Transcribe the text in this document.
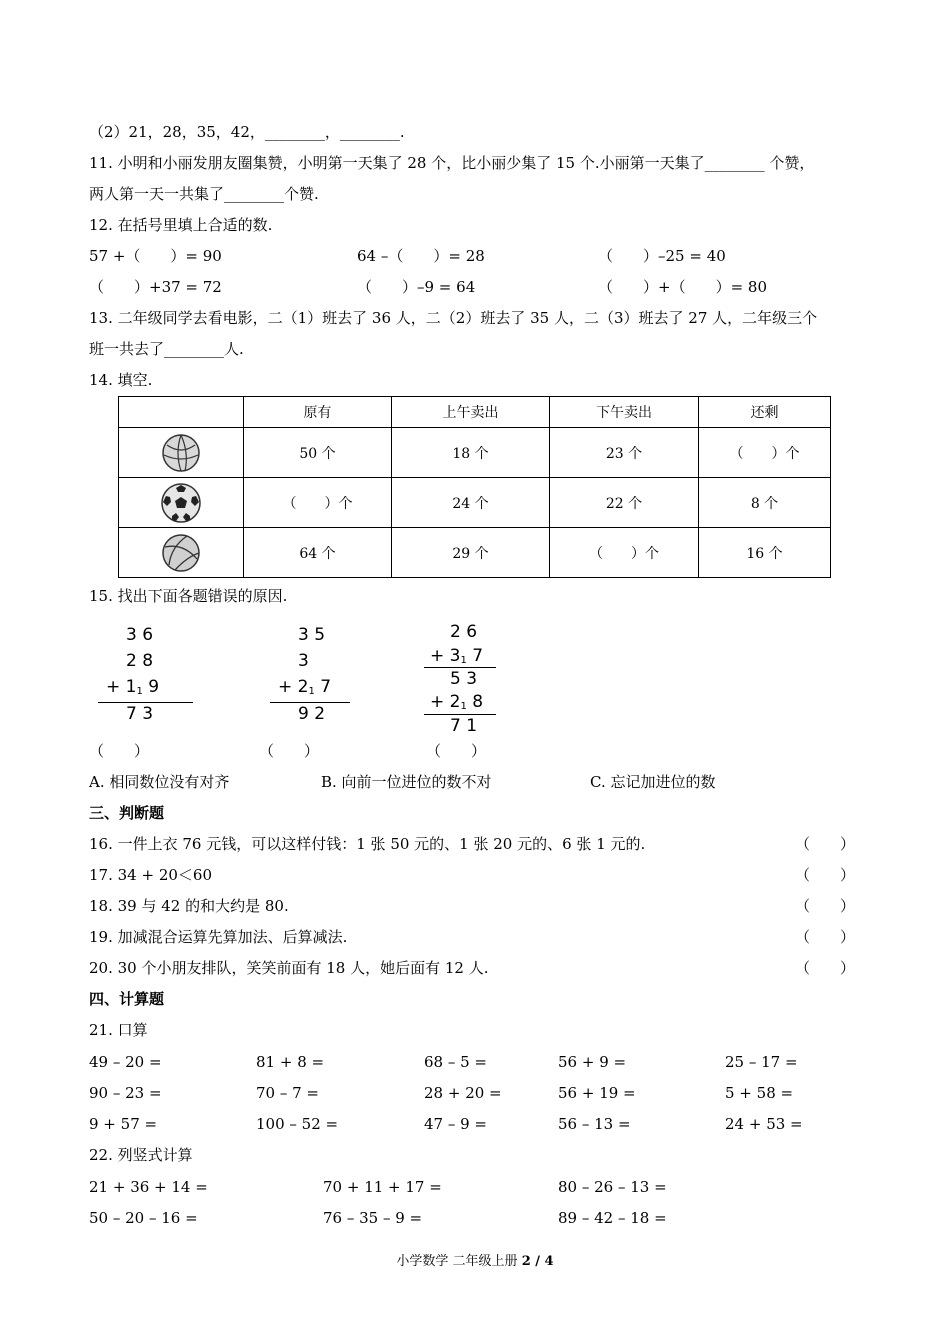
（2）21，28，35，42，________，________.
11. 小明和小丽发朋友圈集赞，小明第一天集了 28 个，比小丽少集了 15 个.小丽第一天集了________ 个赞，
两人第一天一共集了________个赞.
12. 在括号里填上合适的数.
57 +（　　）= 90	64 –（　　）= 28	（　　）–25 = 40
（　　）+37 = 72	（　　）–9 = 64	（　　）+（　　）= 80
13. 二年级同学去看电影，二（1）班去了 36 人，二（2）班去了 35 人，二（3）班去了 27 人，二年级三个
班一共去了________人.
14. 填空.
	原有	上午卖出	下午卖出	还剩
	50 个	18 个	23 个	（　　）个
	（　　）个	24 个	22 个	8 个
	64 个	29 个	（　　）个	16 个
15. 找出下面各题错误的原因.
3 6
2 8
+ $1_1$ 9
7 3
3 5
3
+ $2_1$ 7
9 2
2 6
+ $3_1$ 7
5 3
+ $2_1$ 8
7 1
（　　）	（　　）	（　　）
A. 相同数位没有对齐	B. 向前一位进位的数不对	C. 忘记加进位的数
三、判断题
16. 一件上衣 76 元钱，可以这样付钱：1 张 50 元的、1 张 20 元的、6 张 1 元的.	（　　）
17. 34 + 20＜60	（　　）
18. 39 与 42 的和大约是 80.	（　　）
19. 加减混合运算先算加法、后算减法.	（　　）
20. 30 个小朋友排队，笑笑前面有 18 人，她后面有 12 人.	（　　）
四、计算题
21. 口算
49 – 20 =	81 + 8 =	68 – 5 =	56 + 9 =	25 – 17 =
90 – 23 =	70 – 7 =	28 + 20 =	56 + 19 =	5 + 58 =
9 + 57 =	100 – 52 =	47 – 9 =	56 – 13 =	24 + 53 =
22. 列竖式计算
21 + 36 + 14 =	70 + 11 + 17 =	80 – 26 – 13 =
50 – 20 – 16 =	76 – 35 – 9 =	89 – 42 – 18 =
小学数学 二年级上册 2 / 4
